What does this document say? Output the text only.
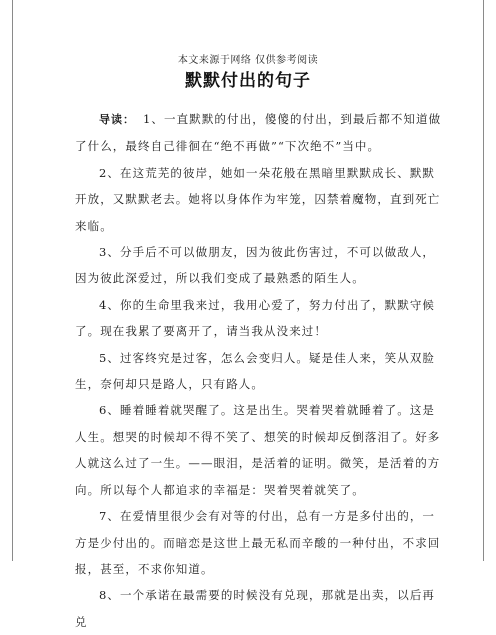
本文来源于网络 仅供参考阅读
默默付出的句子

导读： 1、一直默默的付出，傻傻的付出，到最后都不知道做了什么，最终自己徘徊在“绝不再做”“下次绝不”当中。

2、在这荒芜的彼岸，她如一朵花般在黑暗里默默成长、默默开放，又默默老去。她将以身体作为牢笼，囚禁着魔物，直到死亡来临。

3、分手后不可以做朋友，因为彼此伤害过，不可以做敌人，因为彼此深爱过，所以我们变成了最熟悉的陌生人。

4、你的生命里我来过，我用心爱了，努力付出了，默默守候了。现在我累了要离开了，请当我从没来过！

5、过客终究是过客，怎么会变归人。疑是佳人来，笑从双脸生，奈何却只是路人，只有路人。

6、睡着睡着就哭醒了。这是出生。哭着哭着就睡着了。这是人生。想哭的时候却不得不笑了、想笑的时候却反倒落泪了。好多人就这么过了一生。——眼泪，是活着的证明。微笑，是活着的方向。所以每个人都追求的幸福是：哭着哭着就笑了。

7、在爱情里很少会有对等的付出，总有一方是多付出的，一方是少付出的。而暗恋是这世上最无私而辛酸的一种付出，不求回报，甚至，不求你知道。

8、一个承诺在最需要的时候没有兑现，那就是出卖，以后再兑
